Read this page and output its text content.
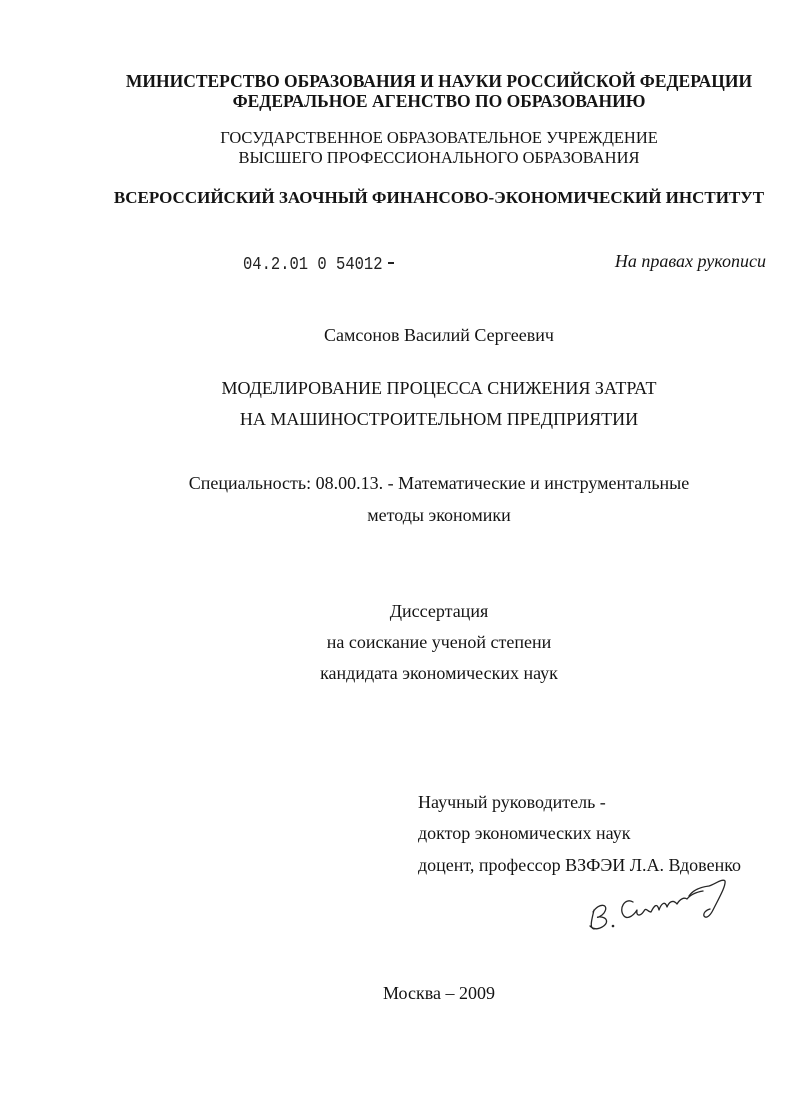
МИНИСТЕРСТВО ОБРАЗОВАНИЯ И НАУКИ РОССИЙСКОЙ ФЕДЕРАЦИИ
ФЕДЕРАЛЬНОЕ АГЕНСТВО ПО ОБРАЗОВАНИЮ
ГОСУДАРСТВЕННОЕ ОБРАЗОВАТЕЛЬНОЕ УЧРЕЖДЕНИЕ
ВЫСШЕГО ПРОФЕССИОНАЛЬНОГО ОБРАЗОВАНИЯ
ВСЕРОССИЙСКИЙ ЗАОЧНЫЙ ФИНАНСОВО-ЭКОНОМИЧЕСКИЙ ИНСТИТУТ
04.2.01 0 54012	На правах рукописи
Самсонов Василий Сергеевич
МОДЕЛИРОВАНИЕ ПРОЦЕССА СНИЖЕНИЯ ЗАТРАТ
НА МАШИНОСТРОИТЕЛЬНОМ ПРЕДПРИЯТИИ
Специальность: 08.00.13. - Математические и инструментальные
методы экономики
Диссертация
на соискание ученой степени
кандидата экономических наук
Научный руководитель -
доктор экономических наук
доцент, профессор ВЗФЭИ Л.А. Вдовенко
Москва – 2009
